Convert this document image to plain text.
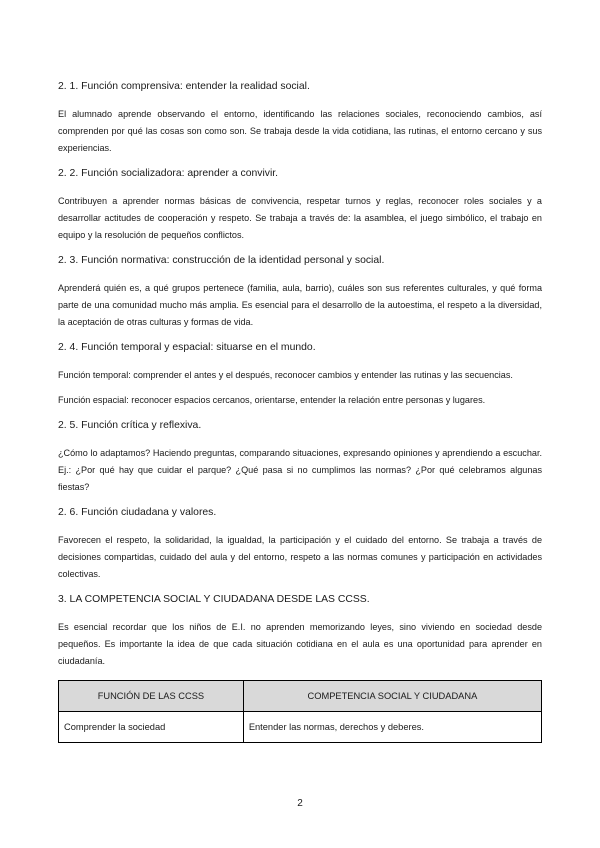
2. 1. Función comprensiva: entender la realidad social.

El alumnado aprende observando el entorno, identificando las relaciones sociales, reconociendo cambios, así comprenden por qué las cosas son como son. Se trabaja desde la vida cotidiana, las rutinas, el entorno cercano y sus experiencias.

2. 2. Función socializadora: aprender a convivir.

Contribuyen a aprender normas básicas de convivencia, respetar turnos y reglas, reconocer roles sociales y a desarrollar actitudes de cooperación y respeto. Se trabaja a través de: la asamblea, el juego simbólico, el trabajo en equipo y la resolución de pequeños conflictos.

2. 3. Función normativa: construcción de la identidad personal y social.

Aprenderá quién es, a qué grupos pertenece (familia, aula, barrio), cuáles son sus referentes culturales, y qué forma parte de una comunidad mucho más amplia. Es esencial para el desarrollo de la autoestima, el respeto a la diversidad, la aceptación de otras culturas y formas de vida.

2. 4. Función temporal y espacial: situarse en el mundo.

Función temporal: comprender el antes y el después, reconocer cambios y entender las rutinas y las secuencias.

Función espacial: reconocer espacios cercanos, orientarse, entender la relación entre personas y lugares.

2. 5. Función crítica y reflexiva.

¿Cómo lo adaptamos? Haciendo preguntas, comparando situaciones, expresando opiniones y aprendiendo a escuchar. Ej.: ¿Por qué hay que cuidar el parque? ¿Qué pasa si no cumplimos las normas? ¿Por qué celebramos algunas fiestas?

2. 6. Función ciudadana y valores.

Favorecen el respeto, la solidaridad, la igualdad, la participación y el cuidado del entorno. Se trabaja a través de decisiones compartidas, cuidado del aula y del entorno, respeto a las normas comunes y participación en actividades colectivas.

3. LA COMPETENCIA SOCIAL Y CIUDADANA DESDE LAS CCSS.

Es esencial recordar que los niños de E.I. no aprenden memorizando leyes, sino viviendo en sociedad desde pequeños. Es importante la idea de que cada situación cotidiana en el aula es una oportunidad para aprender en ciudadanía.

FUNCIÓN DE LAS CCSS	COMPETENCIA SOCIAL Y CIUDADANA
Comprender la sociedad	Entender las normas, derechos y deberes.
2
